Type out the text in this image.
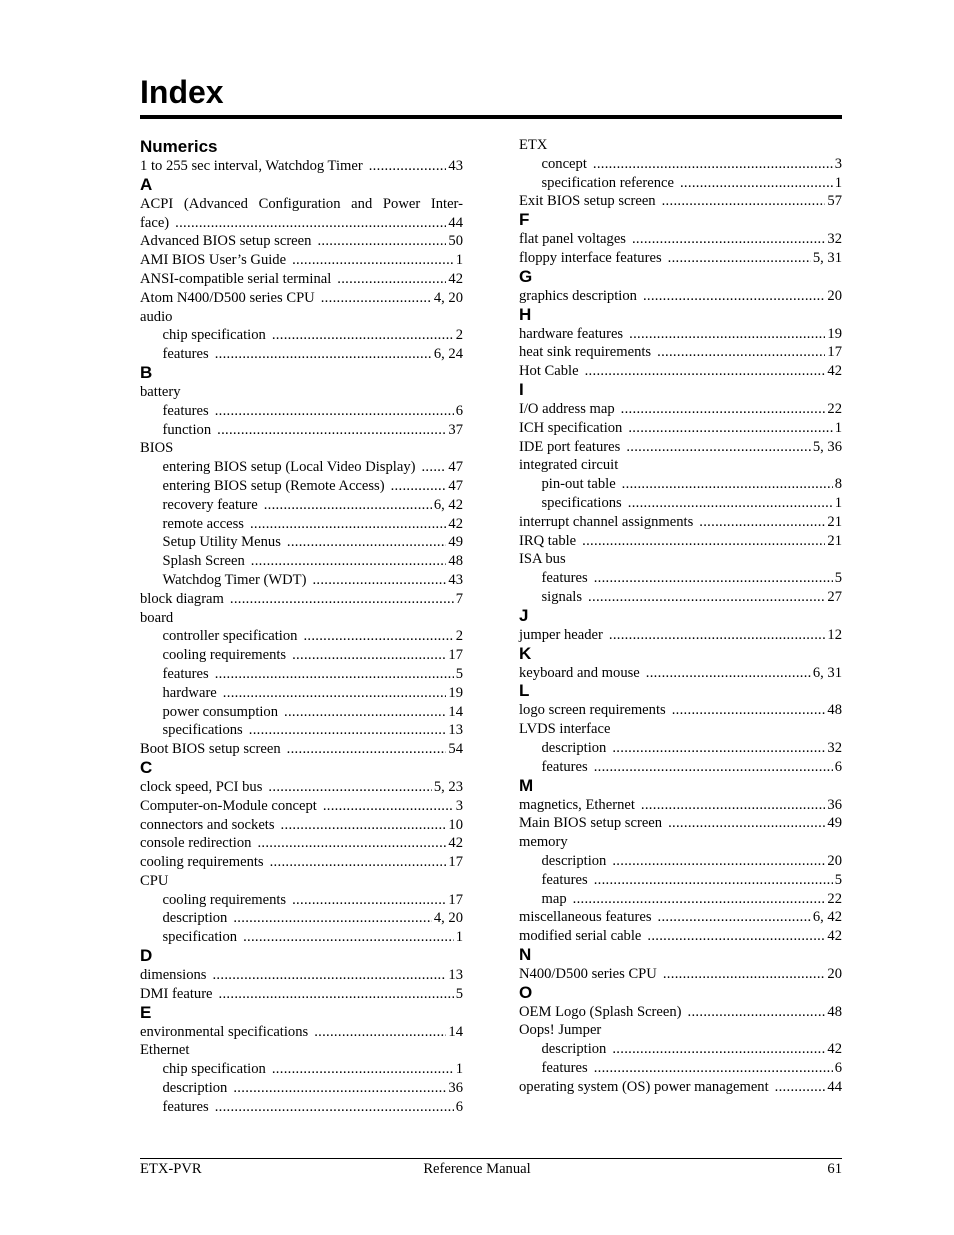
Index
Numerics
1 to 255 sec interval, Watchdog Timer .....	43
A
ACPI (Advanced Configuration and Power Inter-
face) .....	44
Advanced BIOS setup screen .....	50
AMI BIOS User’s Guide .....	1
ANSI-compatible serial terminal .....	42
Atom N400/D500 series CPU .....	4, 20
audio
chip specification .....	2
features .....	6, 24
B
battery
features .....	6
function .....	37
BIOS
entering BIOS setup (Local Video Display) ..... 47
entering BIOS setup (Remote Access) .....	47
recovery feature .....	6, 42
remote access .....	42
Setup Utility Menus .....	49
Splash Screen .....	48
Watchdog Timer (WDT) .....	43
block diagram .....	7
board
controller specification .....	2
cooling requirements .....	17
features .....	5
hardware .....	19
power consumption .....	14
specifications .....	13
Boot BIOS setup screen .....	54
C
clock speed, PCI bus .....	5, 23
Computer-on-Module concept .....	3
connectors and sockets .....	10
console redirection .....	42
cooling requirements .....	17
CPU
cooling requirements .....	17
description .....	4, 20
specification .....	1
D
dimensions .....	13
DMI feature .....	5
E
environmental specifications .....	14
Ethernet
chip specification .....	1
description .....	36
features .....	6
ETX
concept .....	3
specification reference .....	1
Exit BIOS setup screen .....	57
F
flat panel voltages .....	32
floppy interface features .....	5, 31
G
graphics description .....	20
H
hardware features .....	19
heat sink requirements .....	17
Hot Cable .....	42
I
I/O address map .....	22
ICH specification .....	1
IDE port features .....	5, 36
integrated circuit
pin-out table .....	8
specifications .....	1
interrupt channel assignments .....	21
IRQ table .....	21
ISA bus
features .....	5
signals .....	27
J
jumper header .....	12
K
keyboard and mouse .....	6, 31
L
logo screen requirements .....	48
LVDS interface
description .....	32
features .....	6
M
magnetics, Ethernet .....	36
Main BIOS setup screen .....	49
memory
description .....	20
features .....	5
map .....	22
miscellaneous features .....	6, 42
modified serial cable .....	42
N
N400/D500 series CPU .....	20
O
OEM Logo (Splash Screen) .....	48
Oops! Jumper
description .....	42
features .....	6
operating system (OS) power management .....	44
ETX-PVR	Reference Manual	61
